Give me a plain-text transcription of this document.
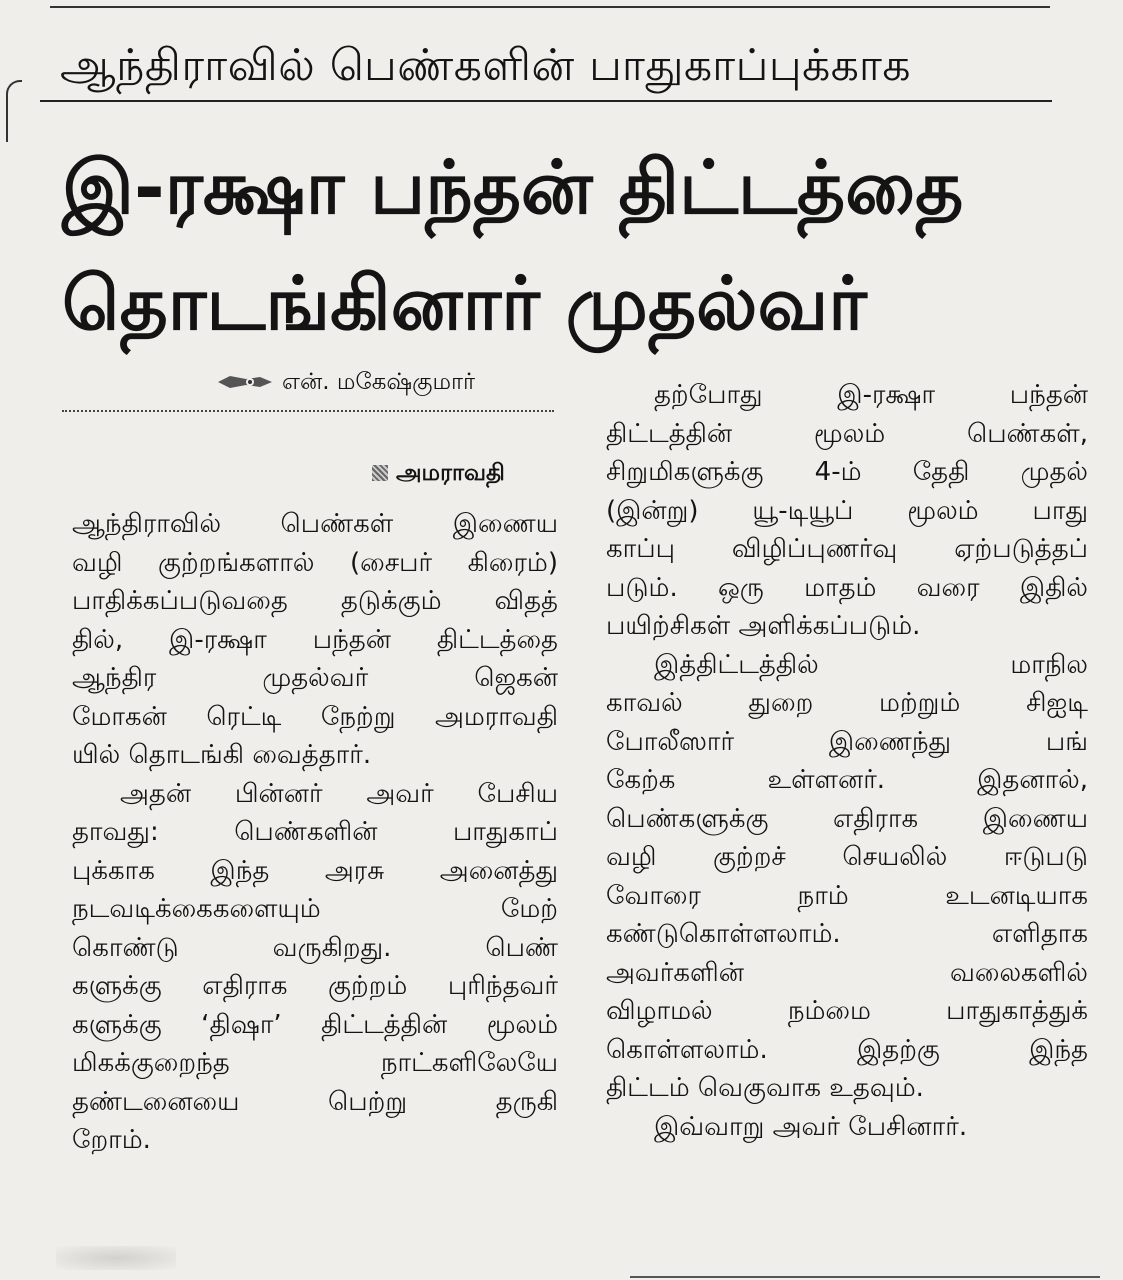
ஆந்திராவில் பெண்களின் பாதுகாப்புக்காக
இ-ரக்ஷா பந்தன் திட்டத்தை
தொடங்கினார் முதல்வர்
என். மகேஷ்குமார்
அமராவதி
ஆந்திராவில் பெண்கள் இணைய
வழி குற்றங்களால் (சைபர் கிரைம்)
பாதிக்கப்படுவதை தடுக்கும் விதத்
தில், இ-ரக்ஷா பந்தன் திட்டத்தை
ஆந்திர முதல்வர் ஜெகன்
மோகன் ரெட்டி நேற்று அமராவதி
யில் தொடங்கி வைத்தார்.
அதன் பின்னர் அவர் பேசிய
தாவது: பெண்களின் பாதுகாப்
புக்காக இந்த அரசு அனைத்து
நடவடிக்கைகளையும் மேற்
கொண்டு வருகிறது. பெண்
களுக்கு எதிராக குற்றம் புரிந்தவர்
களுக்கு ‘திஷா’ திட்டத்தின் மூலம்
மிகக்குறைந்த நாட்களிலேயே
தண்டனையை பெற்று தருகி
றோம்.
தற்போது இ-ரக்ஷா பந்தன்
திட்டத்தின் மூலம் பெண்கள்,
சிறுமிகளுக்கு 4-ம் தேதி முதல்
(இன்று) யூ-டியூப் மூலம் பாது
காப்பு விழிப்புணர்வு ஏற்படுத்தப்
படும். ஒரு மாதம் வரை இதில்
பயிற்சிகள் அளிக்கப்படும்.
இத்திட்டத்தில் மாநில
காவல் துறை மற்றும் சிஐடி
போலீஸார் இணைந்து பங்
கேற்க உள்ளனர். இதனால்,
பெண்களுக்கு எதிராக இணைய
வழி குற்றச் செயலில் ஈடுபடு
வோரை நாம் உடனடியாக
கண்டுகொள்ளலாம். எளிதாக
அவர்களின் வலைகளில்
விழாமல் நம்மை பாதுகாத்துக்
கொள்ளலாம். இதற்கு இந்த
திட்டம் வெகுவாக உதவும்.
இவ்வாறு அவர் பேசினார்.
